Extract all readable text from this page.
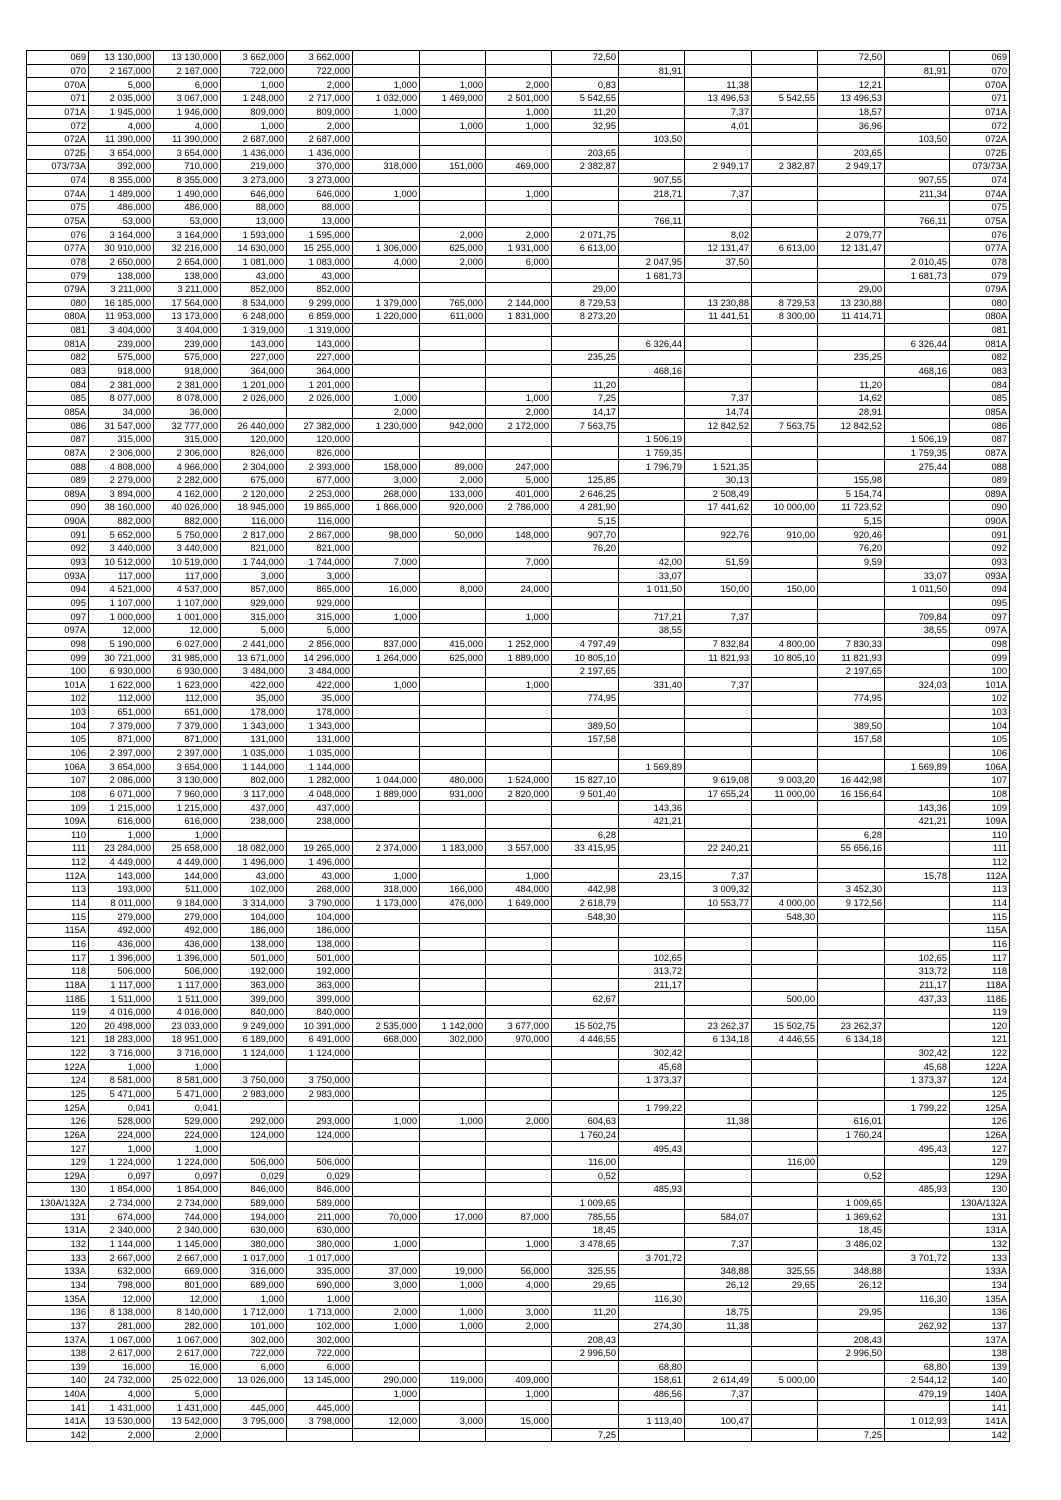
069	13 130,000	13 130,000	3 662,000	3 662,000				72,50				72,50		069
070	2 167,000	2 167,000	722,000	722,000					81,91				81,91	070
070A	5,000	6,000	1,000	2,000	1,000	1,000	2,000	0,83		11,38		12,21		070A
071	2 035,000	3 067,000	1 248,000	2 717,000	1 032,000	1 469,000	2 501,000	5 542,55		13 496,53	5 542,55	13 496,53		071
071A	1 945,000	1 946,000	809,000	809,000	1,000		1,000	11,20		7,37		18,57		071A
072	4,000	4,000	1,000	2,000		1,000	1,000	32,95		4,01		36,96		072
072A	11 390,000	11 390,000	2 687,000	2 687,000					103,50				103,50	072A
072Б	3 654,000	3 654,000	1 436,000	1 436,000				203,65				203,65		072Б
073/73A	392,000	710,000	219,000	370,000	318,000	151,000	469,000	2 382,87		2 949,17	2 382,87	2 949,17		073/73A
074	8 355,000	8 355,000	3 273,000	3 273,000					907,55				907,55	074
074A	1 489,000	1 490,000	646,000	646,000	1,000		1,000		218,71	7,37			211,34	074A
075	486,000	486,000	88,000	88,000										075
075A	53,000	53,000	13,000	13,000					766,11				766,11	075A
076	3 164,000	3 164,000	1 593,000	1 595,000		2,000	2,000	2 071,75		8,02		2 079,77		076
077A	30 910,000	32 216,000	14 630,000	15 255,000	1 306,000	625,000	1 931,000	6 613,00		12 131,47	6 613,00	12 131,47		077A
078	2 650,000	2 654,000	1 081,000	1 083,000	4,000	2,000	6,000		2 047,95	37,50			2 010,45	078
079	138,000	138,000	43,000	43,000					1 681,73				1 681,73	079
079A	3 211,000	3 211,000	852,000	852,000				29,00				29,00		079A
080	16 185,000	17 564,000	8 534,000	9 299,000	1 379,000	765,000	2 144,000	8 729,53		13 230,88	8 729,53	13 230,88		080
080A	11 953,000	13 173,000	6 248,000	6 859,000	1 220,000	611,000	1 831,000	8 273,20		11 441,51	8 300,00	11 414,71		080A
081	3 404,000	3 404,000	1 319,000	1 319,000										081
081A	239,000	239,000	143,000	143,000					6 326,44				6 326,44	081A
082	575,000	575,000	227,000	227,000				235,25				235,25		082
083	918,000	918,000	364,000	364,000					468,16				468,16	083
084	2 381,000	2 381,000	1 201,000	1 201,000				11,20				11,20		084
085	8 077,000	8 078,000	2 026,000	2 026,000	1,000		1,000	7,25		7,37		14,62		085
085A	34,000	36,000			2,000		2,000	14,17		14,74		28,91		085A
086	31 547,000	32 777,000	26 440,000	27 382,000	1 230,000	942,000	2 172,000	7 563,75		12 842,52	7 563,75	12 842,52		086
087	315,000	315,000	120,000	120,000					1 506,19				1 506,19	087
087A	2 306,000	2 306,000	826,000	826,000					1 759,35				1 759,35	087A
088	4 808,000	4 966,000	2 304,000	2 393,000	158,000	89,000	247,000		1 796,79	1 521,35			275,44	088
089	2 279,000	2 282,000	675,000	677,000	3,000	2,000	5,000	125,85		30,13		155,98		089
089A	3 894,000	4 162,000	2 120,000	2 253,000	268,000	133,000	401,000	2 646,25		2 508,49		5 154,74		089A
090	38 160,000	40 026,000	18 945,000	19 865,000	1 866,000	920,000	2 786,000	4 281,90		17 441,62	10 000,00	11 723,52		090
090A	882,000	882,000	116,000	116,000				5,15				5,15		090A
091	5 652,000	5 750,000	2 817,000	2 867,000	98,000	50,000	148,000	907,70		922,76	910,00	920,46		091
092	3 440,000	3 440,000	821,000	821,000				76,20				76,20		092
093	10 512,000	10 519,000	1 744,000	1 744,000	7,000		7,000		42,00	51,59		9,59		093
093A	117,000	117,000	3,000	3,000					33,07				33,07	093A
094	4 521,000	4 537,000	857,000	865,000	16,000	8,000	24,000		1 011,50	150,00	150,00		1 011,50	094
095	1 107,000	1 107,000	929,000	929,000										095
097	1 000,000	1 001,000	315,000	315,000	1,000		1,000		717,21	7,37			709,84	097
097A	12,000	12,000	5,000	5,000					38,55				38,55	097A
098	5 190,000	6 027,000	2 441,000	2 856,000	837,000	415,000	1 252,000	4 797,49		7 832,84	4 800,00	7 830,33		098
099	30 721,000	31 985,000	13 671,000	14 296,000	1 264,000	625,000	1 889,000	10 805,10		11 821,93	10 805,10	11 821,93		099
100	6 930,000	6 930,000	3 484,000	3 484,000				2 197,65				2 197,65		100
101A	1 622,000	1 623,000	422,000	422,000	1,000		1,000		331,40	7,37			324,03	101A
102	112,000	112,000	35,000	35,000				774,95				774,95		102
103	651,000	651,000	178,000	178,000										103
104	7 379,000	7 379,000	1 343,000	1 343,000				389,50				389,50		104
105	871,000	871,000	131,000	131,000				157,58				157,58		105
106	2 397,000	2 397,000	1 035,000	1 035,000										106
106A	3 654,000	3 654,000	1 144,000	1 144,000					1 569,89				1 569,89	106A
107	2 086,000	3 130,000	802,000	1 282,000	1 044,000	480,000	1 524,000	15 827,10		9 619,08	9 003,20	16 442,98		107
108	6 071,000	7 960,000	3 117,000	4 048,000	1 889,000	931,000	2 820,000	9 501,40		17 655,24	11 000,00	16 156,64		108
109	1 215,000	1 215,000	437,000	437,000					143,36				143,36	109
109A	616,000	616,000	238,000	238,000					421,21				421,21	109A
110	1,000	1,000						6,28				6,28		110
111	23 284,000	25 658,000	18 082,000	19 265,000	2 374,000	1 183,000	3 557,000	33 415,95		22 240,21		55 656,16		111
112	4 449,000	4 449,000	1 496,000	1 496,000										112
112A	143,000	144,000	43,000	43,000	1,000		1,000		23,15	7,37			15,78	112A
113	193,000	511,000	102,000	268,000	318,000	166,000	484,000	442,98		3 009,32		3 452,30		113
114	8 011,000	9 184,000	3 314,000	3 790,000	1 173,000	476,000	1 649,000	2 618,79		10 553,77	4 000,00	9 172,56		114
115	279,000	279,000	104,000	104,000				548,30			548,30			115
115A	492,000	492,000	186,000	186,000										115A
116	436,000	436,000	138,000	138,000										116
117	1 396,000	1 396,000	501,000	501,000					102,65				102,65	117
118	506,000	506,000	192,000	192,000					313,72				313,72	118
118A	1 117,000	1 117,000	363,000	363,000					211,17				211,17	118A
118Б	1 511,000	1 511,000	399,000	399,000				62,67			500,00		437,33	118Б
119	4 016,000	4 016,000	840,000	840,000										119
120	20 498,000	23 033,000	9 249,000	10 391,000	2 535,000	1 142,000	3 677,000	15 502,75		23 262,37	15 502,75	23 262,37		120
121	18 283,000	18 951,000	6 189,000	6 491,000	668,000	302,000	970,000	4 446,55		6 134,18	4 446,55	6 134,18		121
122	3 716,000	3 716,000	1 124,000	1 124,000					302,42				302,42	122
122A	1,000	1,000							45,68				45,68	122A
124	8 581,000	8 581,000	3 750,000	3 750,000					1 373,37				1 373,37	124
125	5 471,000	5 471,000	2 983,000	2 983,000										125
125A	0,041	0,041							1 799,22				1 799,22	125A
126	528,000	529,000	292,000	293,000	1,000	1,000	2,000	604,63		11,38		616,01		126
126A	224,000	224,000	124,000	124,000				1 760,24				1 760,24		126A
127	1,000	1,000							495,43				495,43	127
129	1 224,000	1 224,000	506,000	506,000				116,00			116,00			129
129A	0,097	0,097	0,029	0,029				0,52				0,52		129A
130	1 854,000	1 854,000	846,000	846,000					485,93				485,93	130
130A/132A	2 734,000	2 734,000	589,000	589,000				1 009,65				1 009,65		130A/132A
131	674,000	744,000	194,000	211,000	70,000	17,000	87,000	785,55		584,07		1 369,62		131
131A	2 340,000	2 340,000	630,000	630,000				18,45				18,45		131A
132	1 144,000	1 145,000	380,000	380,000	1,000		1,000	3 478,65		7,37		3 486,02		132
133	2 667,000	2 667,000	1 017,000	1 017,000					3 701,72				3 701,72	133
133A	632,000	669,000	316,000	335,000	37,000	19,000	56,000	325,55		348,88	325,55	348,88		133A
134	798,000	801,000	689,000	690,000	3,000	1,000	4,000	29,65		26,12	29,65	26,12		134
135A	12,000	12,000	1,000	1,000					116,30				116,30	135A
136	8 138,000	8 140,000	1 712,000	1 713,000	2,000	1,000	3,000	11,20		18,75		29,95		136
137	281,000	282,000	101,000	102,000	1,000	1,000	2,000		274,30	11,38			262,92	137
137A	1 067,000	1 067,000	302,000	302,000				208,43				208,43		137A
138	2 617,000	2 617,000	722,000	722,000				2 996,50				2 996,50		138
139	16,000	16,000	6,000	6,000					68,80				68,80	139
140	24 732,000	25 022,000	13 026,000	13 145,000	290,000	119,000	409,000		158,61	2 614,49	5 000,00		2 544,12	140
140A	4,000	5,000			1,000		1,000		486,56	7,37			479,19	140A
141	1 431,000	1 431,000	445,000	445,000										141
141A	13 530,000	13 542,000	3 795,000	3 798,000	12,000	3,000	15,000		1 113,40	100,47			1 012,93	141A
142	2,000	2,000						7,25				7,25		142
